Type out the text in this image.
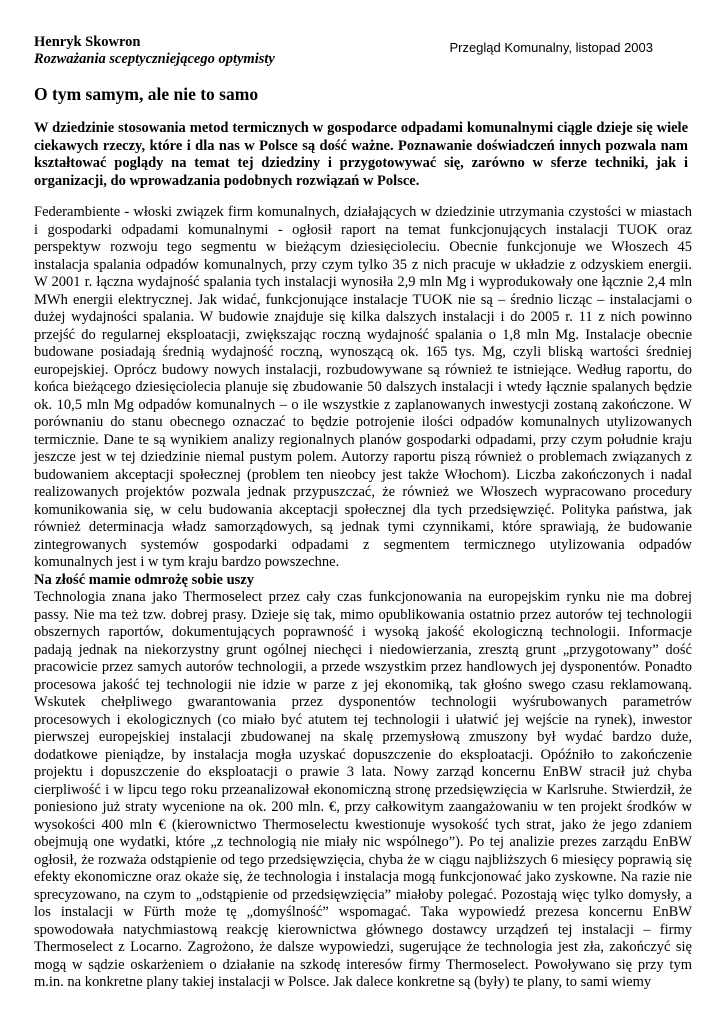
Henryk Skowron
Rozważania sceptyczniejącego optymisty
Przegląd Komunalny, listopad 2003
O tym samym, ale nie to samo

W dziedzinie stosowania metod termicznych w gospodarce odpadami komunalnymi ciągle dzieje się wiele
ciekawych rzeczy, które i dla nas w Polsce są dość ważne. Poznawanie doświadczeń innych pozwala nam
kształtować poglądy na temat tej dziedziny i przygotowywać się, zarówno w sferze techniki, jak i
organizacji, do wprowadzania podobnych rozwiązań w Polsce.

Federambiente - włoski związek firm komunalnych, działających w dziedzinie utrzymania czystości w miastach
i gospodarki odpadami komunalnymi - ogłosił raport na temat funkcjonujących instalacji TUOK oraz
perspektyw rozwoju tego segmentu w bieżącym dziesięcioleciu. Obecnie funkcjonuje we Włoszech 45
instalacja spalania odpadów komunalnych, przy czym tylko 35 z nich pracuje w układzie z odzyskiem energii.
W 2001 r. łączna wydajność spalania tych instalacji wynosiła 2,9 mln Mg i wyprodukowały one łącznie 2,4 mln
MWh energii elektrycznej. Jak widać, funkcjonujące instalacje TUOK nie są – średnio licząc – instalacjami o
dużej wydajności spalania. W budowie znajduje się kilka dalszych instalacji i do 2005 r. 11 z nich powinno
przejść do regularnej eksploatacji, zwiększając roczną wydajność spalania o 1,8 mln Mg. Instalacje obecnie
budowane posiadają średnią wydajność roczną, wynoszącą ok. 165 tys. Mg, czyli bliską wartości średniej
europejskiej. Oprócz budowy nowych instalacji, rozbudowywane są również te istniejące. Według raportu, do
końca bieżącego dziesięciolecia planuje się zbudowanie 50 dalszych instalacji i wtedy łącznie spalanych będzie
ok. 10,5 mln Mg odpadów komunalnych – o ile wszystkie z zaplanowanych inwestycji zostaną zakończone. W
porównaniu do stanu obecnego oznaczać to będzie potrojenie ilości odpadów komunalnych utylizowanych
termicznie. Dane te są wynikiem analizy regionalnych planów gospodarki odpadami, przy czym południe kraju
jeszcze jest w tej dziedzinie niemal pustym polem. Autorzy raportu piszą również o problemach związanych z
budowaniem akceptacji społecznej (problem ten nieobcy jest także Włochom). Liczba zakończonych i nadal
realizowanych projektów pozwala jednak przypuszczać, że również we Włoszech wypracowano procedury
komunikowania się, w celu budowania akceptacji społecznej dla tych przedsięwzięć. Polityka państwa, jak
również determinacja władz samorządowych, są jednak tymi czynnikami, które sprawiają, że budowanie
zintegrowanych systemów gospodarki odpadami z segmentem termicznego utylizowania odpadów
komunalnych jest i w tym kraju bardzo powszechne.

Na złość mamie odmrożę sobie uszy

Technologia znana jako Thermoselect przez cały czas funkcjonowania na europejskim rynku nie ma dobrej
passy. Nie ma też tzw. dobrej prasy. Dzieje się tak, mimo opublikowania ostatnio przez autorów tej technologii
obszernych raportów, dokumentujących poprawność i wysoką jakość ekologiczną technologii. Informacje
padają jednak na niekorzystny grunt ogólnej niechęci i niedowierzania, zresztą grunt „przygotowany” dość
pracowicie przez samych autorów technologii, a przede wszystkim przez handlowych jej dysponentów. Ponadto
procesowa jakość tej technologii nie idzie w parze z jej ekonomiką, tak głośno swego czasu reklamowaną.
Wskutek chełpliwego gwarantowania przez dysponentów technologii wyśrubowanych parametrów
procesowych i ekologicznych (co miało być atutem tej technologii i ułatwić jej wejście na rynek), inwestor
pierwszej europejskiej instalacji zbudowanej na skalę przemysłową zmuszony był wydać bardzo duże,
dodatkowe pieniądze, by instalacja mogła uzyskać dopuszczenie do eksploatacji. Opóźniło to zakończenie
projektu i dopuszczenie do eksploatacji o prawie 3 lata. Nowy zarząd koncernu EnBW stracił już chyba
cierpliwość i w lipcu tego roku przeanalizował ekonomiczną stronę przedsięwzięcia w Karlsruhe. Stwierdził, że
poniesiono już straty wycenione na ok. 200 mln. €, przy całkowitym zaangażowaniu w ten projekt środków w
wysokości 400 mln € (kierownictwo Thermoselectu kwestionuje wysokość tych strat, jako że jego zdaniem
obejmują one wydatki, które „z technologią nie miały nic wspólnego”). Po tej analizie prezes zarządu EnBW
ogłosił, że rozważa odstąpienie od tego przedsięwzięcia, chyba że w ciągu najbliższych 6 miesięcy poprawią się
efekty ekonomiczne oraz okaże się, że technologia i instalacja mogą funkcjonować jako zyskowne. Na razie nie
sprecyzowano, na czym to „odstąpienie od przedsięwzięcia” miałoby polegać. Pozostają więc tylko domysły, a
los instalacji w Fürth może tę „domyślność” wspomagać. Taka wypowiedź prezesa koncernu EnBW
spowodowała natychmiastową reakcję kierownictwa głównego dostawcy urządzeń tej instalacji – firmy
Thermoselect z Locarno. Zagrożono, że dalsze wypowiedzi, sugerujące że technologia jest zła, zakończyć się
mogą w sądzie oskarżeniem o działanie na szkodę interesów firmy Thermoselect. Powoływano się przy tym
m.in. na konkretne plany takiej instalacji w Polsce. Jak dalece konkretne są (były) te plany, to sami wiemy
